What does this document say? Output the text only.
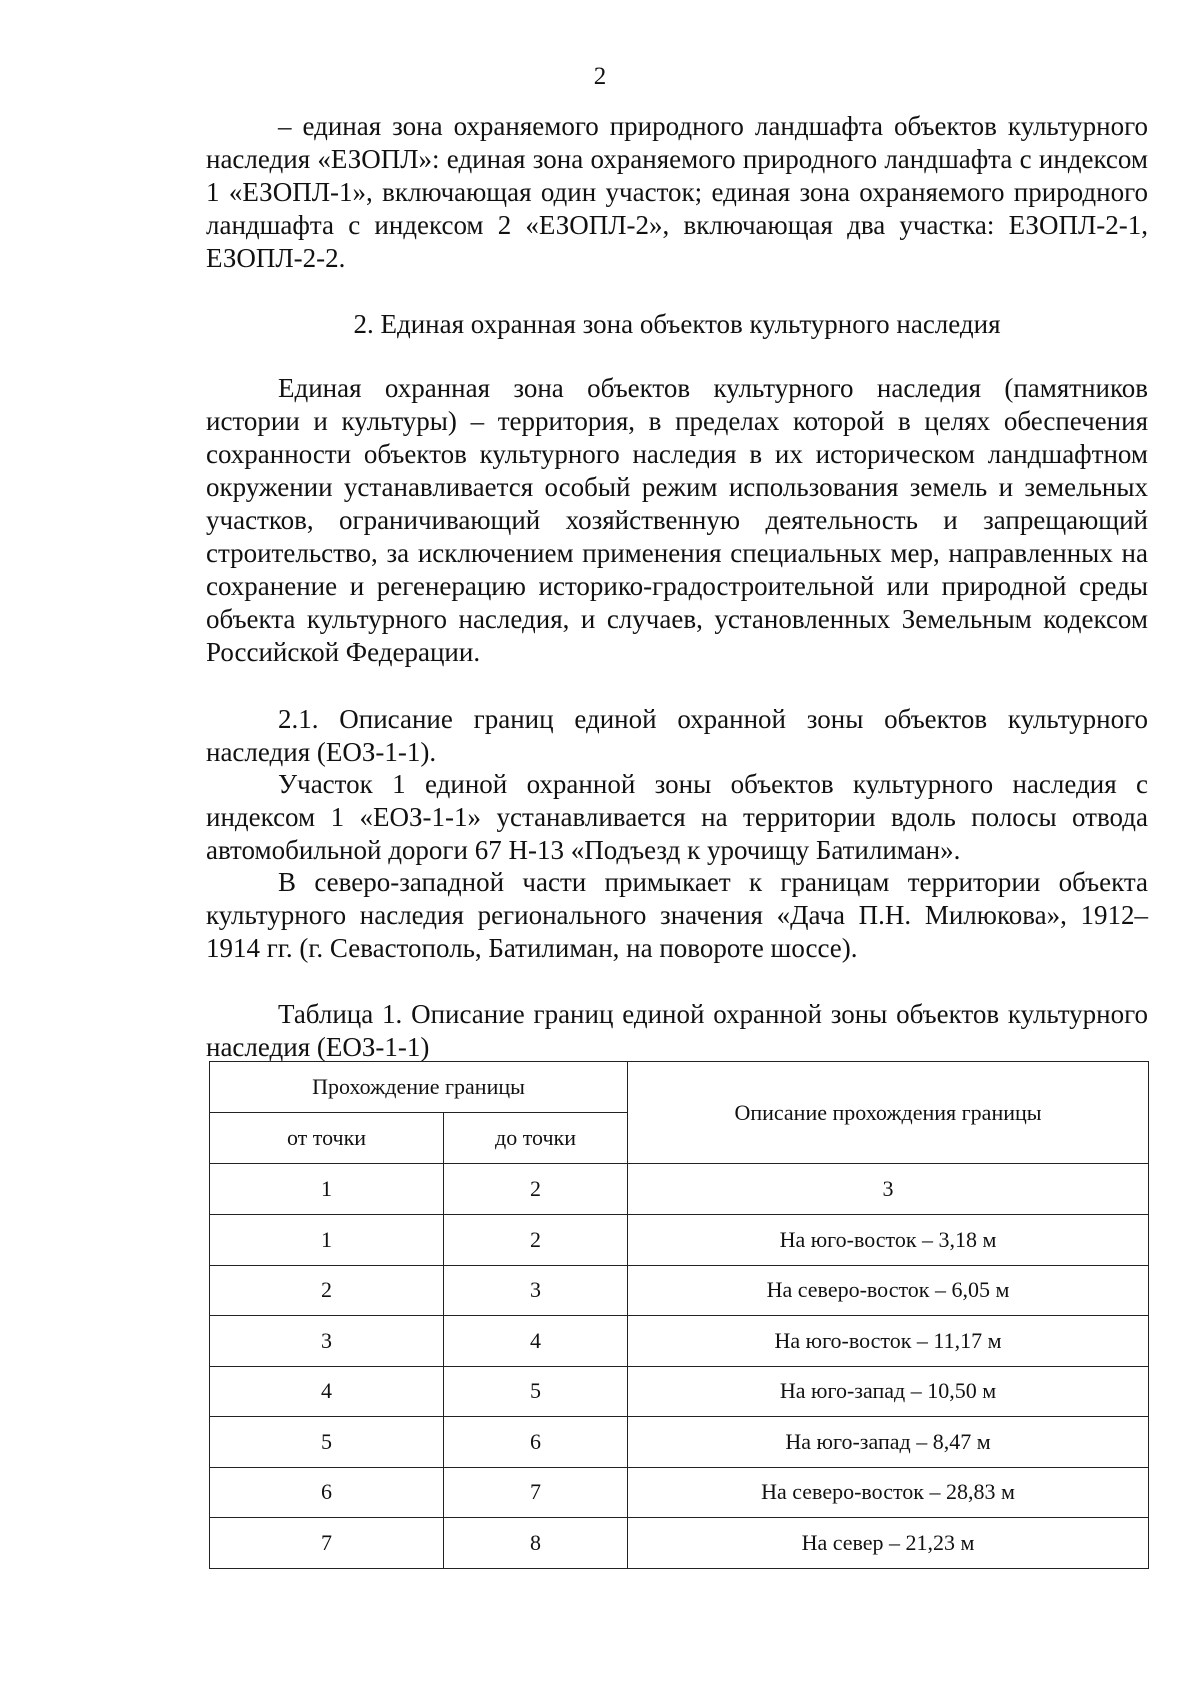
2

– единая зона охраняемого природного ландшафта объектов культурного наследия «ЕЗОПЛ»: единая зона охраняемого природного ландшафта с индексом 1 «ЕЗОПЛ-1», включающая один участок; единая зона охраняемого природного ландшафта с индексом 2 «ЕЗОПЛ-2», включающая два участка: ЕЗОПЛ-2-1, ЕЗОПЛ-2-2.

2. Единая охранная зона объектов культурного наследия

Единая охранная зона объектов культурного наследия (памятников истории и культуры) – территория, в пределах которой в целях обеспечения сохранности объектов культурного наследия в их историческом ландшафтном окружении устанавливается особый режим использования земель и земельных участков, ограничивающий хозяйственную деятельность и запрещающий строительство, за исключением применения специальных мер, направленных на сохранение и регенерацию историко-градостроительной или природной среды объекта культурного наследия, и случаев, установленных Земельным кодексом Российской Федерации.

2.1. Описание границ единой охранной зоны объектов культурного наследия (ЕОЗ-1-1).

Участок 1 единой охранной зоны объектов культурного наследия с индексом 1 «ЕОЗ-1-1» устанавливается на территории вдоль полосы отвода автомобильной дороги 67 Н-13 «Подъезд к урочищу Батилиман».

В северо-западной части примыкает к границам территории объекта культурного наследия регионального значения «Дача П.Н. Милюкова», 1912–1914 гг. (г. Севастополь, Батилиман, на повороте шоссе).

Таблица 1. Описание границ единой охранной зоны объектов культурного наследия (ЕОЗ-1-1)

Прохождение границы		Описание прохождения границы
от точки	до точки	
1	2	3
1	2	На юго-восток – 3,18 м
2	3	На северо-восток – 6,05 м
3	4	На юго-восток – 11,17 м
4	5	На юго-запад – 10,50 м
5	6	На юго-запад – 8,47 м
6	7	На северо-восток – 28,83 м
7	8	На север – 21,23 м
